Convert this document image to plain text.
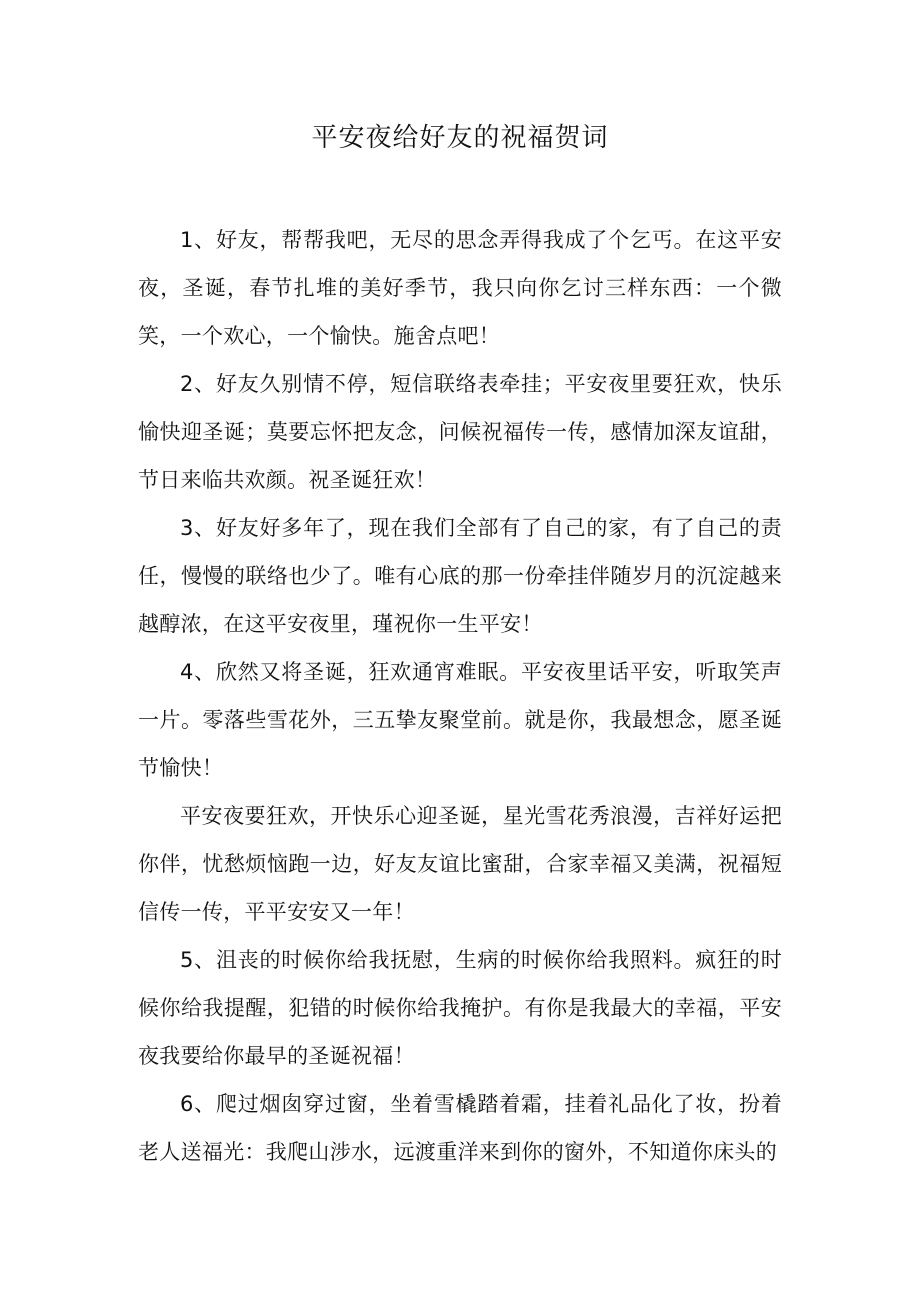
平安夜给好友的祝福贺词

1、好友，帮帮我吧，无尽的思念弄得我成了个乞丐。在这平安夜，圣诞，春节扎堆的美好季节，我只向你乞讨三样东西：一个微笑，一个欢心，一个愉快。施舍点吧！

2、好友久别情不停，短信联络表牵挂；平安夜里要狂欢，快乐愉快迎圣诞；莫要忘怀把友念，问候祝福传一传，感情加深友谊甜，节日来临共欢颜。祝圣诞狂欢！

3、好友好多年了，现在我们全部有了自己的家，有了自己的责任，慢慢的联络也少了。唯有心底的那一份牵挂伴随岁月的沉淀越来越醇浓，在这平安夜里，瑾祝你一生平安！

4、欣然又将圣诞，狂欢通宵难眠。平安夜里话平安，听取笑声一片。零落些雪花外，三五挚友聚堂前。就是你，我最想念，愿圣诞节愉快！

平安夜要狂欢，开快乐心迎圣诞，星光雪花秀浪漫，吉祥好运把你伴，忧愁烦恼跑一边，好友友谊比蜜甜，合家幸福又美满，祝福短信传一传，平平安安又一年！

5、沮丧的时候你给我抚慰，生病的时候你给我照料。疯狂的时候你给我提醒，犯错的时候你给我掩护。有你是我最大的幸福，平安夜我要给你最早的圣诞祝福！

6、爬过烟囱穿过窗，坐着雪橇踏着霜，挂着礼品化了妆，扮着老人送福光：我爬山涉水，远渡重洋来到你的窗外，不知道你床头的
